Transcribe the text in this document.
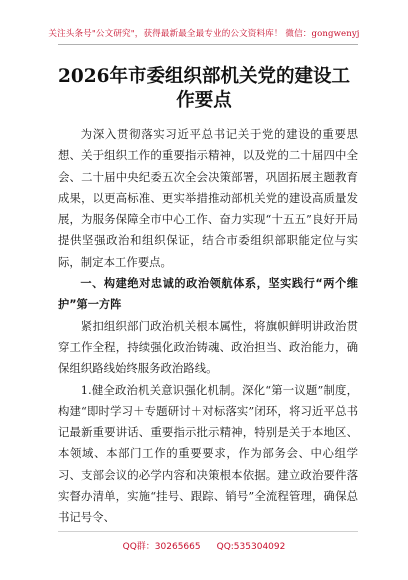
关注头条号"公文研究"，获得最新最全最专业的公文资料库！ 微信：gongwenyj
2026年市委组织部机关党的建设工作要点

为深入贯彻落实习近平总书记关于党的建设的重要思想、关于组织工作的重要指示精神，以及党的二十届四中全会、二十届中央纪委五次全会决策部署，巩固拓展主题教育成果，以更高标准、更实举措推动部机关党的建设高质量发展，为服务保障全市中心工作、奋力实现“十五五”良好开局提供坚强政治和组织保证，结合市委组织部职能定位与实际，制定本工作要点。

一、构建绝对忠诚的政治领航体系，坚实践行“两个维护”第一方阵

紧扣组织部门政治机关根本属性，将旗帜鲜明讲政治贯穿工作全程，持续强化政治铸魂、政治担当、政治能力，确保组织路线始终服务政治路线。

1.健全政治机关意识强化机制。深化“第一议题”制度，构建“即时学习＋专题研讨＋对标落实”闭环，将习近平总书记最新重要讲话、重要指示批示精神，特别是关于本地区、本领域、本部门工作的重要要求，作为部务会、中心组学习、支部会议的必学内容和决策根本依据。建立政治要件落实督办清单，实施“挂号、跟踪、销号”全流程管理，确保总书记号令、

QQ群：30265665 QQ:535304092
